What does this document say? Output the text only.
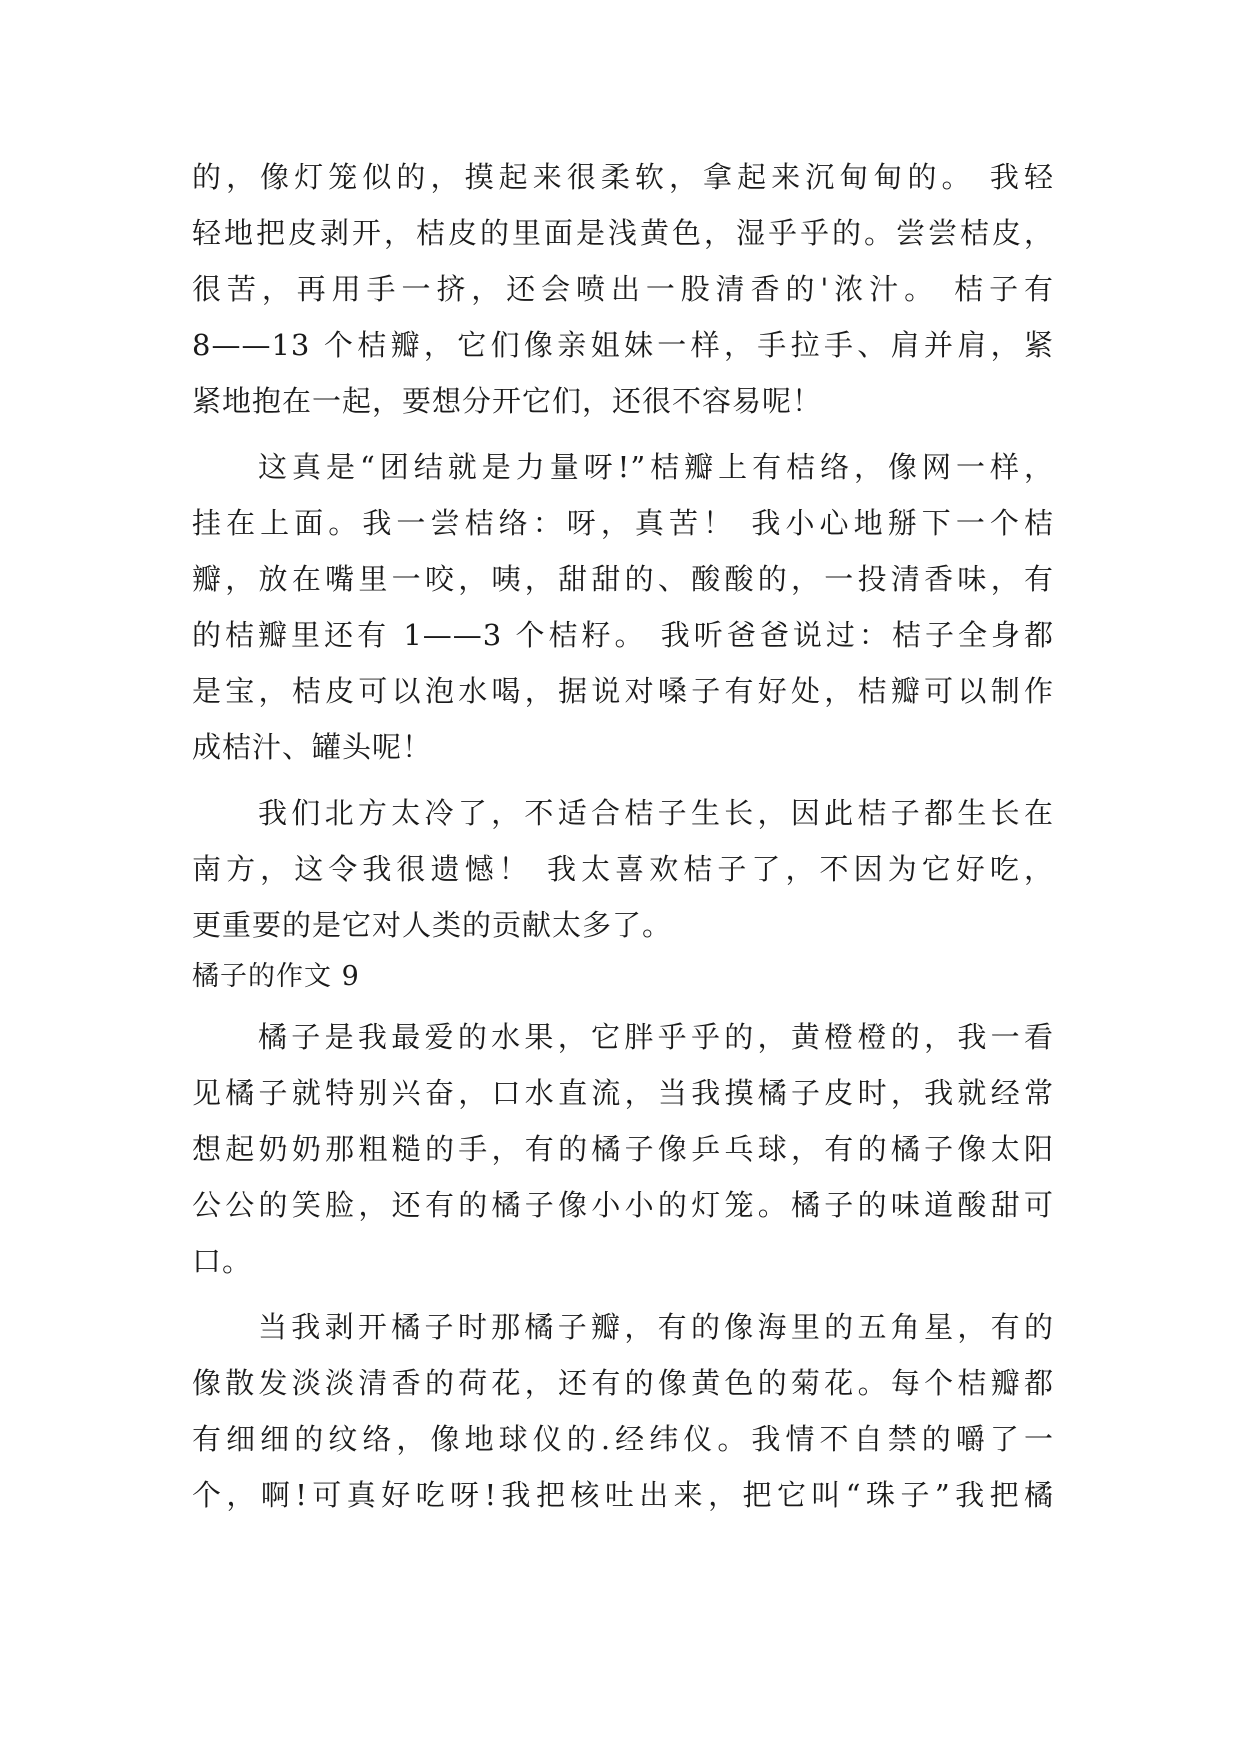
的，像灯笼似的，摸起来很柔软，拿起来沉甸甸的。 我轻
轻地把皮剥开，桔皮的里面是浅黄色，湿乎乎的。尝尝桔皮，
很苦，再用手一挤，还会喷出一股清香的'浓汁。 桔子有
8——13 个桔瓣，它们像亲姐妹一样，手拉手、肩并肩，紧
紧地抱在一起，要想分开它们，还很不容易呢！
这真是“团结就是力量呀!”桔瓣上有桔络，像网一样，
挂在上面。我一尝桔络：呀，真苦！ 我小心地掰下一个桔
瓣，放在嘴里一咬，咦，甜甜的、酸酸的，一投清香味，有
的桔瓣里还有 1——3 个桔籽。 我听爸爸说过：桔子全身都
是宝，桔皮可以泡水喝，据说对嗓子有好处，桔瓣可以制作
成桔汁、罐头呢！
我们北方太冷了，不适合桔子生长，因此桔子都生长在
南方，这令我很遗憾！ 我太喜欢桔子了，不因为它好吃，
更重要的是它对人类的贡献太多了。
橘子的作文 9
橘子是我最爱的水果，它胖乎乎的，黄橙橙的，我一看
见橘子就特别兴奋，口水直流，当我摸橘子皮时，我就经常
想起奶奶那粗糙的手，有的橘子像乒乓球，有的橘子像太阳
公公的笑脸，还有的橘子像小小的灯笼。橘子的味道酸甜可
口。
当我剥开橘子时那橘子瓣，有的像海里的五角星，有的
像散发淡淡清香的荷花，还有的像黄色的菊花。每个桔瓣都
有细细的纹络，像地球仪的.经纬仪。我情不自禁的嚼了一
个，啊!可真好吃呀!我把核吐出来，把它叫“珠子”我把橘
